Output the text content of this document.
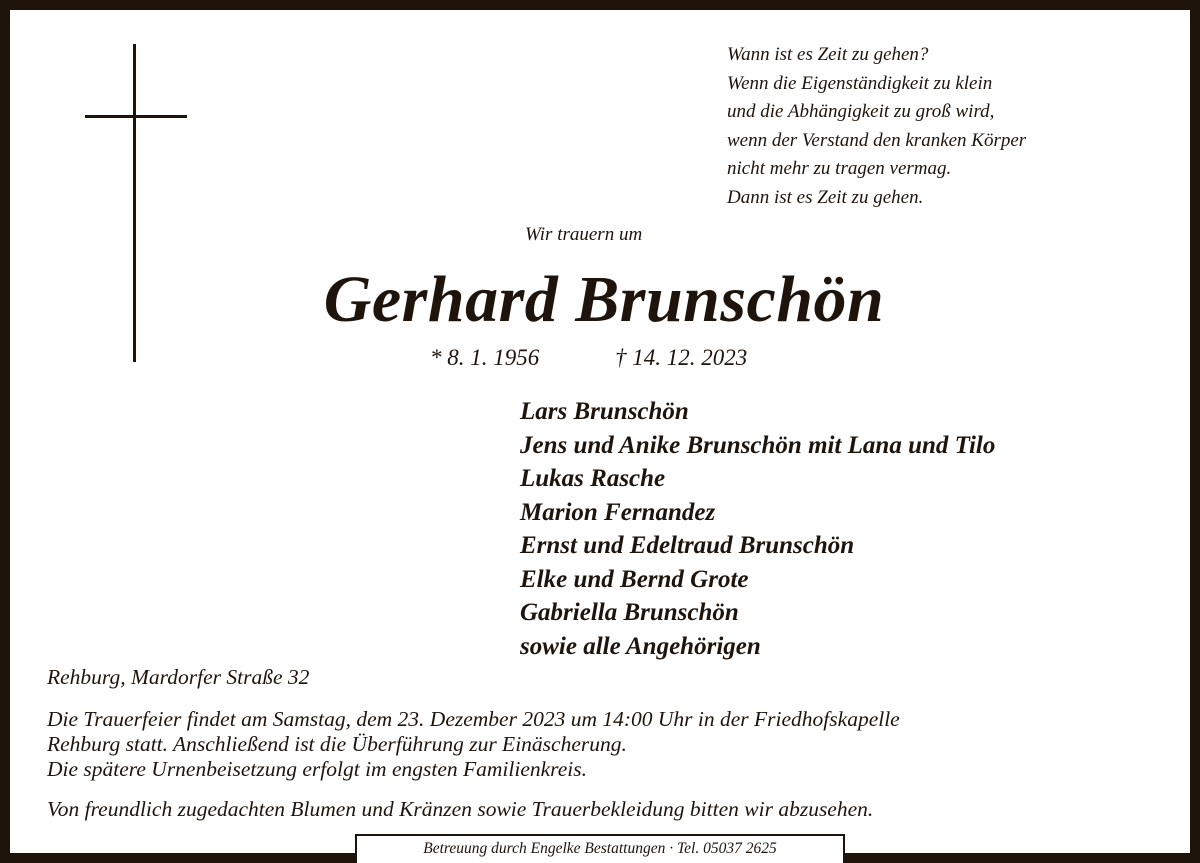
Wann ist es Zeit zu gehen?
Wenn die Eigenständigkeit zu klein
und die Abhängigkeit zu groß wird,
wenn der Verstand den kranken Körper
nicht mehr zu tragen vermag.
Dann ist es Zeit zu gehen.
Wir trauern um
Gerhard Brunschön
* 8. 1. 1956	† 14. 12. 2023
Lars Brunschön
Jens und Anike Brunschön mit Lana und Tilo
Lukas Rasche
Marion Fernandez
Ernst und Edeltraud Brunschön
Elke und Bernd Grote
Gabriella Brunschön
sowie alle Angehörigen
Rehburg, Mardorfer Straße 32
Die Trauerfeier findet am Samstag, dem 23. Dezember 2023 um 14:00 Uhr in der Friedhofskapelle
Rehburg statt. Anschließend ist die Überführung zur Einäscherung.
Die spätere Urnenbeisetzung erfolgt im engsten Familienkreis.
Von freundlich zugedachten Blumen und Kränzen sowie Trauerbekleidung bitten wir abzusehen.
Betreuung durch Engelke Bestattungen · Tel. 05037 2625
